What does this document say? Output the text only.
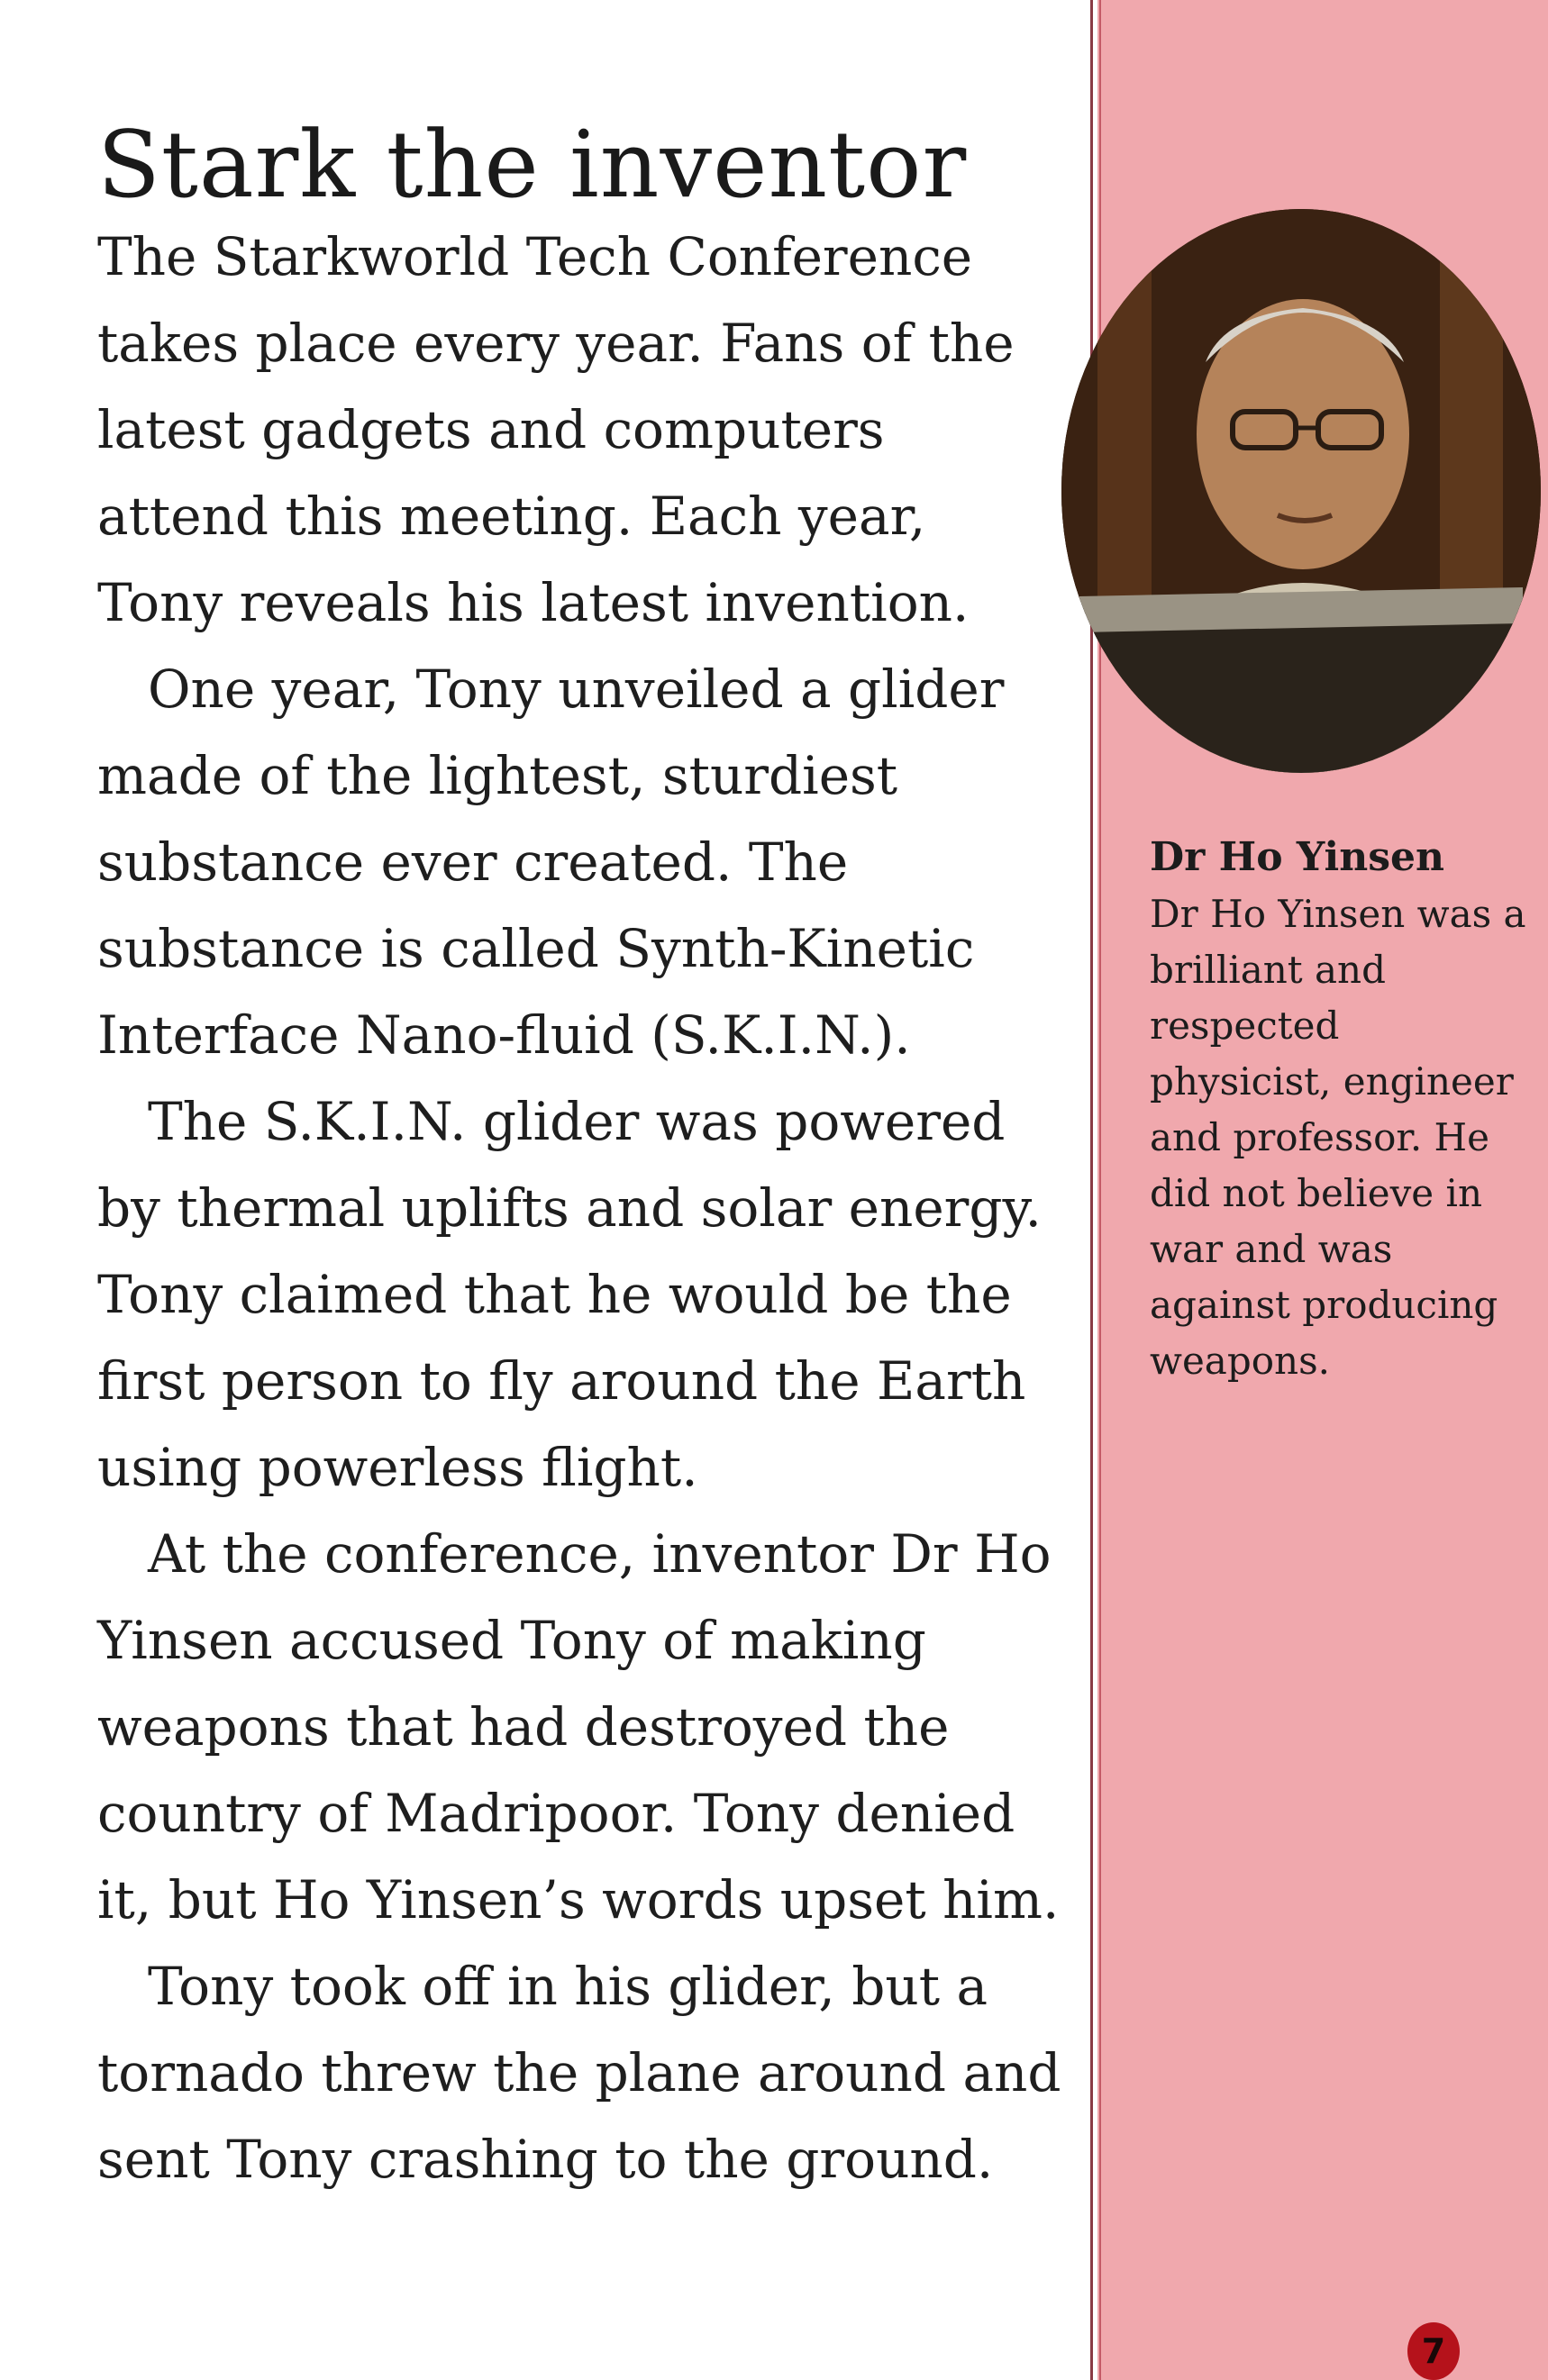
Stark the inventor

The Starkworld Tech Conference takes place every year. Fans of the latest gadgets and computers attend this meeting. Each year, Tony reveals his latest invention.

One year, Tony unveiled a glider made of the lightest, sturdiest substance ever created. The substance is called Synth-Kinetic Interface Nano-fluid (S.K.I.N.).

The S.K.I.N. glider was powered by thermal uplifts and solar energy. Tony claimed that he would be the first person to fly around the Earth using powerless flight.

At the conference, inventor Dr Ho Yinsen accused Tony of making weapons that had destroyed the country of Madripoor. Tony denied it, but Ho Yinsen’s words upset him.

Tony took off in his glider, but a tornado threw the plane around and sent Tony crashing to the ground.

Dr Ho Yinsen

Dr Ho Yinsen was a brilliant and respected physicist, engineer and professor. He did not believe in war and was against producing weapons.

7
